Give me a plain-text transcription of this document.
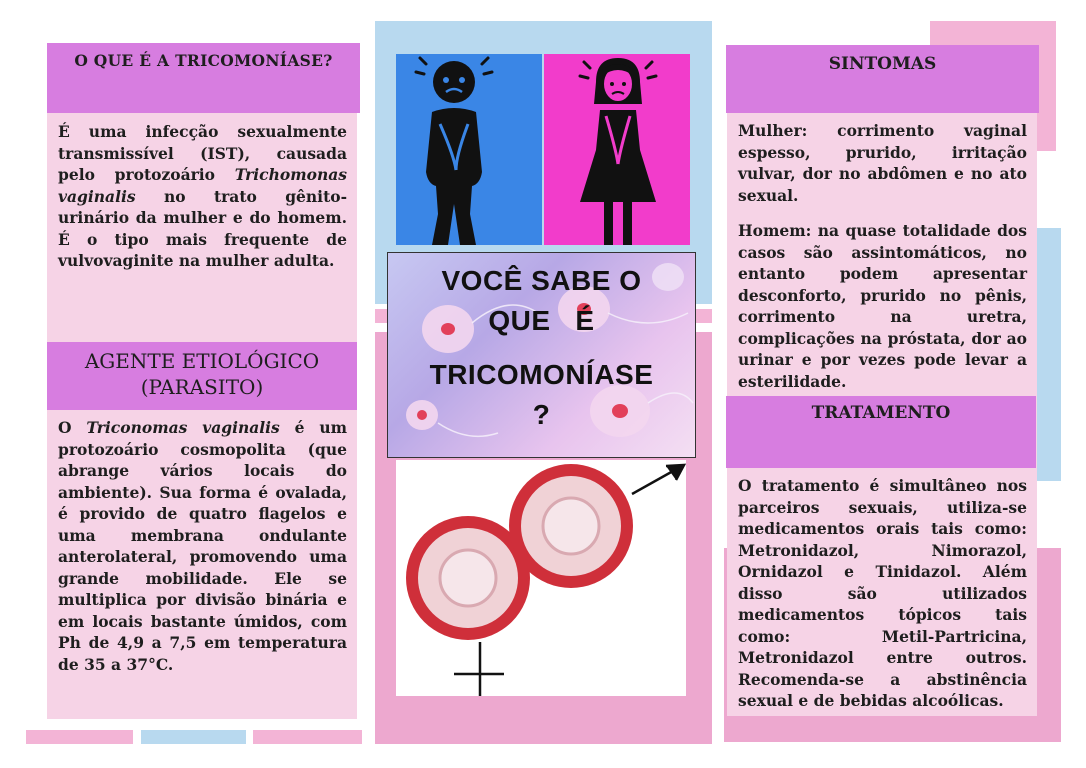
O QUE É A TRICOMONÍASE?
É uma infecção sexualmente transmissível (IST), causada pelo protozoário Trichomonas vaginalis no trato gênito-urinário da mulher e do homem. É o tipo mais frequente de vulvovaginite na mulher adulta.
AGENTE ETIOLÓGICO
(PARASITO)
O Triconomas vaginalis é um protozoário cosmopolita (que abrange vários locais do ambiente). Sua forma é ovalada, é provido de quatro flagelos e uma membrana ondulante anterolateral, promovendo uma grande mobilidade. Ele se multiplica por divisão binária e em locais bastante úmidos, com Ph de 4,9 a 7,5 em temperatura de 35 a 37°C.
VOCÊ SABE O
QUE   É
TRICOMONÍASE
?
SINTOMAS
Mulher: corrimento vaginal espesso, prurido, irritação vulvar, dor no abdômen e no ato sexual.
Homem: na quase totalidade dos casos são assintomáticos, no entanto podem apresentar desconforto, prurido no pênis, corrimento na uretra, complicações na próstata, dor ao urinar e por vezes pode levar a esterilidade.
TRATAMENTO
O tratamento é simultâneo nos parceiros sexuais, utiliza-se medicamentos orais tais como: Metronidazol, Nimorazol, Ornidazol e Tinidazol. Além disso são utilizados medicamentos tópicos tais como: Metil-Partricina, Metronidazol entre outros. Recomenda-se a abstinência sexual e de bebidas alcoólicas.
